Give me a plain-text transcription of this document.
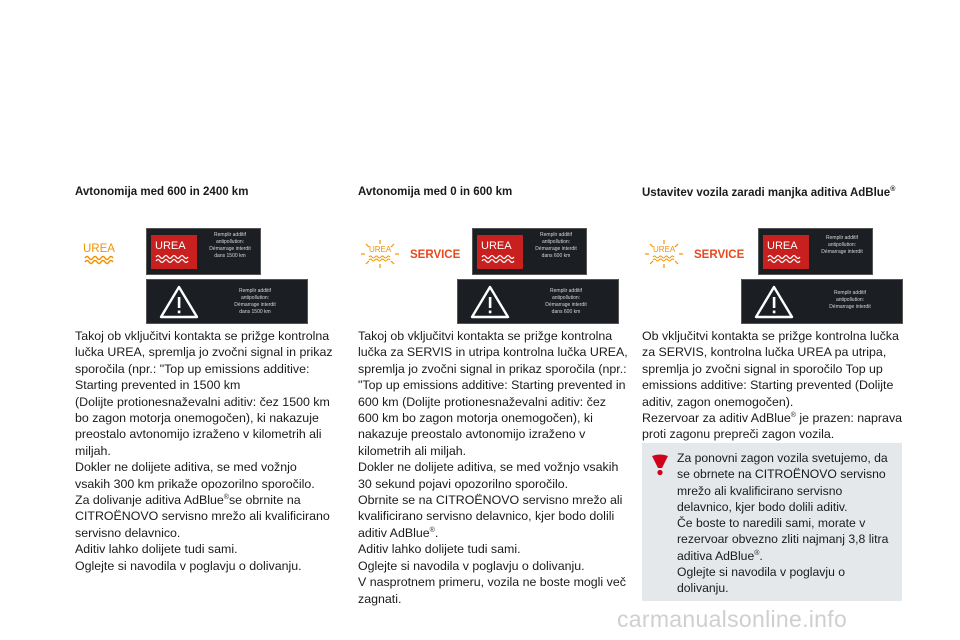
Avtonomija med 600 in 2400 km
UREA	UREA
Remplir additif
antipollution:
Démarrage interdit
dans 1500 km
Remplir additif
antipollution:
Démarrage interdit
dans 1500 km
Takoj ob vključitvi kontakta se prižge kontrolna lučka UREA, spremlja jo zvočni signal in prikaz sporočila (npr.: "Top up emissions additive: Starting prevented in 1500 km
(Dolijte protionesnaževalni aditiv: čez 1500 km bo zagon motorja onemogočen), ki nakazuje preostalo avtonomijo izraženo v kilometrih ali miljah.
Dokler ne dolijete aditiva, se med vožnjo vsakih 300 km prikaže opozorilno sporočilo.
Za dolivanje aditiva AdBlue®se obrnite na CITROËNOVO servisno mrežo ali kvalificirano servisno delavnico.
Aditiv lahko dolijete tudi sami.
Oglejte si navodila v poglavju o dolivanju.
Avtonomija med 0 in 600 km
UREA SERVICE
UREA
Remplir additif
antipollution:
Démarrage interdit
dans 600 km
Remplir additif
antipollution:
Démarrage interdit
dans 600 km
Takoj ob vključitvi kontakta se prižge kontrolna lučka za SERVIS in utripa kontrolna lučka UREA, spremlja jo zvočni signal in prikaz sporočila (npr.: "Top up emissions additive: Starting prevented in 600 km (Dolijte protionesnaževalni aditiv: čez 600 km bo zagon motorja onemogočen), ki nakazuje preostalo avtonomijo izraženo v kilometrih ali miljah.
Dokler ne dolijete aditiva, se med vožnjo vsakih 30 sekund pojavi opozorilno sporočilo.
Obrnite se na CITROËNOVO servisno mrežo ali kvalificirano servisno delavnico, kjer bodo dolili aditiv AdBlue®.
Aditiv lahko dolijete tudi sami.
Oglejte si navodila v poglavju o dolivanju.
V nasprotnem primeru, vozila ne boste mogli več zagnati.
Ustavitev vozila zaradi manjka aditiva AdBlue®
UREA SERVICE
UREA
Remplir additif
antipollution:
Démarrage interdit
Remplir additif
antipollution:
Démarrage interdit
Ob vključitvi kontakta se prižge kontrolna lučka za SERVIS, kontrolna lučka UREA pa utripa, spremlja jo zvočni signal in sporočilo Top up emissions additive: Starting prevented (Dolijte aditiv, zagon onemogočen).
Rezervoar za aditiv AdBlue® je prazen: naprava proti zagonu prepreči zagon vozila.
Za ponovni zagon vozila svetujemo, da se obrnete na CITROËNOVO servisno mrežo ali kvalificirano servisno delavnico, kjer bodo dolili aditiv.
Če boste to naredili sami, morate v rezervoar obvezno zliti najmanj 3,8 litra aditiva AdBlue®.
Oglejte si navodila v poglavju o dolivanju.
carmanualsonline.info
